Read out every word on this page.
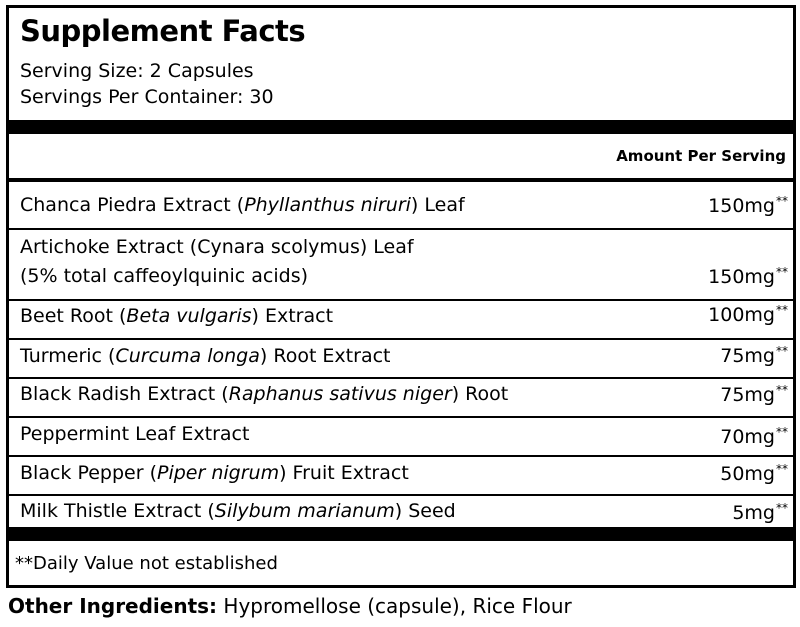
Supplement Facts
Serving Size: 2 Capsules
Servings Per Container: 30
Amount Per Serving
Chanca Piedra Extract (Phyllanthus niruri) Leaf	150mg**
Artichoke Extract (Cynara scolymus) Leaf
(5% total caffeoylquinic acids)	150mg**
Beet Root (Beta vulgaris) Extract	100mg**
Turmeric (Curcuma longa) Root Extract	75mg**
Black Radish Extract (Raphanus sativus niger) Root	75mg**
Peppermint Leaf Extract	70mg**
Black Pepper (Piper nigrum) Fruit Extract	50mg**
Milk Thistle Extract (Silybum marianum) Seed	5mg**
**Daily Value not established
Other Ingredients: Hypromellose (capsule), Rice Flour
